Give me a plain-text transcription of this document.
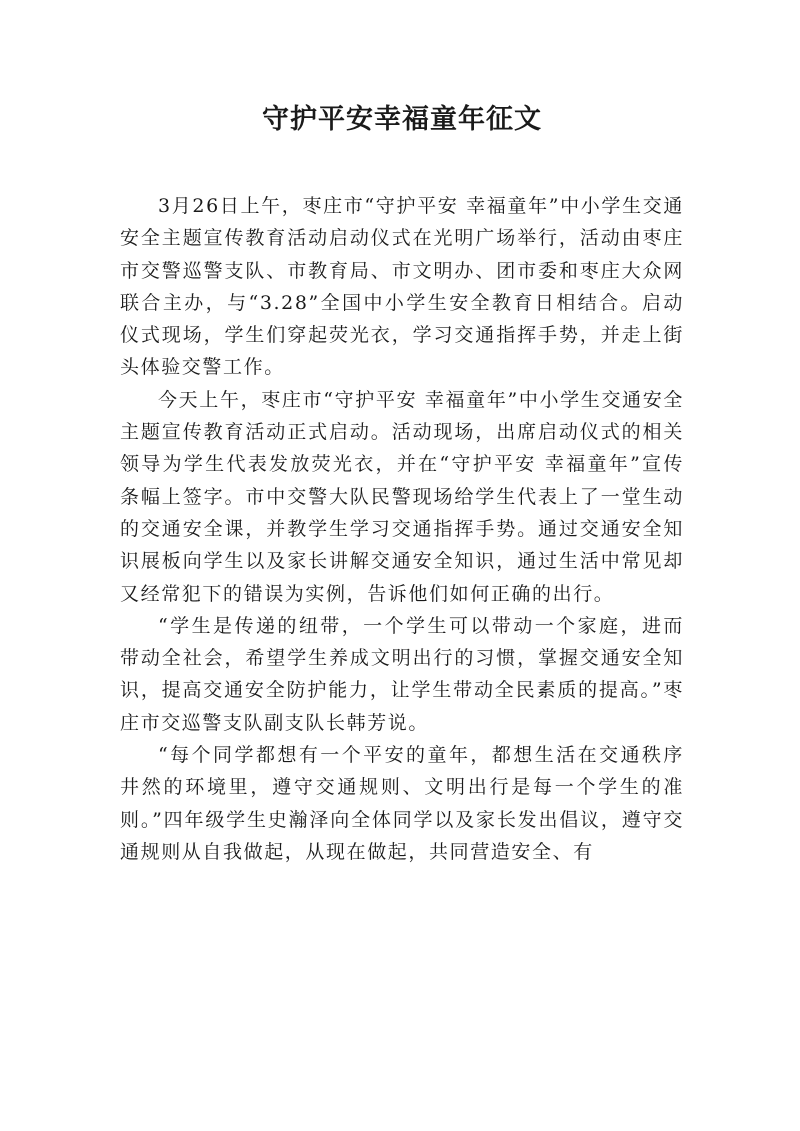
守护平安幸福童年征文

3月26日上午，枣庄市“守护平安 幸福童年”中小学生交通安全主题宣传教育活动启动仪式在光明广场举行，活动由枣庄市交警巡警支队、市教育局、市文明办、团市委和枣庄大众网联合主办，与“3.28”全国中小学生安全教育日相结合。启动仪式现场，学生们穿起荧光衣，学习交通指挥手势，并走上街头体验交警工作。

今天上午，枣庄市“守护平安 幸福童年”中小学生交通安全主题宣传教育活动正式启动。活动现场，出席启动仪式的相关领导为学生代表发放荧光衣，并在“守护平安 幸福童年”宣传条幅上签字。市中交警大队民警现场给学生代表上了一堂生动的交通安全课，并教学生学习交通指挥手势。通过交通安全知识展板向学生以及家长讲解交通安全知识，通过生活中常见却又经常犯下的错误为实例，告诉他们如何正确的出行。

“学生是传递的纽带，一个学生可以带动一个家庭，进而带动全社会，希望学生养成文明出行的习惯，掌握交通安全知识，提高交通安全防护能力，让学生带动全民素质的提高。”枣庄市交巡警支队副支队长韩芳说。

“每个同学都想有一个平安的童年，都想生活在交通秩序井然的环境里，遵守交通规则、文明出行是每一个学生的准则。”四年级学生史瀚泽向全体同学以及家长发出倡议，遵守交通规则从自我做起，从现在做起，共同营造安全、有
